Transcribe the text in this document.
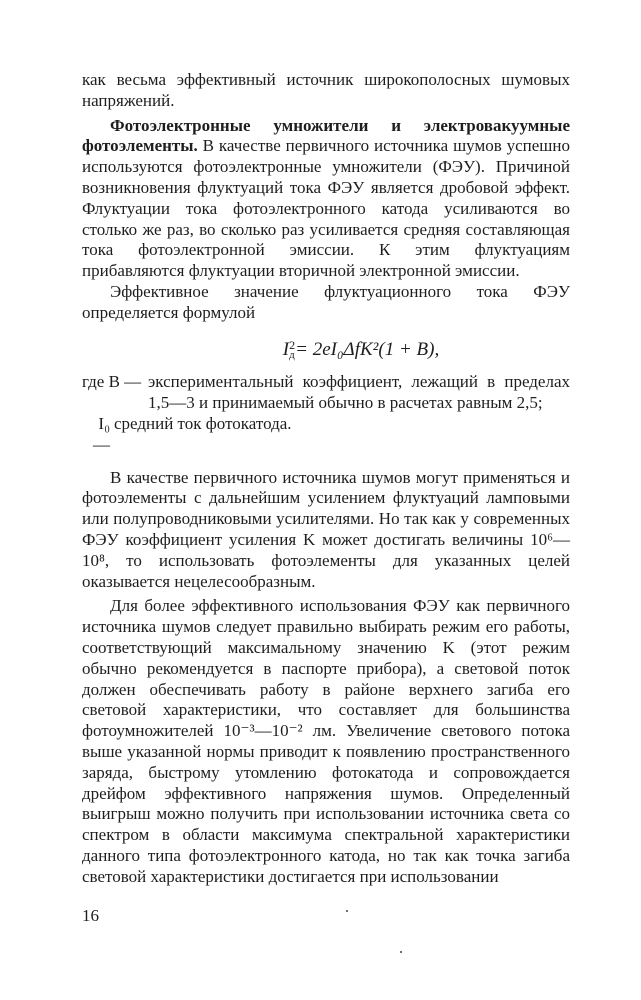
как весьма эффективный источник широкополосных шумовых напряжений.

Фотоэлектронные умножители и электровакуумные фотоэлементы. В качестве первичного источника шумов успешно используются фотоэлектронные умножители (ФЭУ). Причиной возникновения флуктуаций тока ФЭУ является дробовой эффект. Флуктуации тока фотоэлектронного катода усиливаются во столько же раз, во сколько раз усиливается средняя составляющая тока фотоэлектронной эмиссии. К этим флуктуациям прибавляются флуктуации вторичной электронной эмиссии.

Эффективное значение флуктуационного тока ФЭУ определяется формулой

I 2
д = 2eI₀ΔfK²(1 + B),
где B — экспериментальный коэффициент, лежащий в пределах 1,5—3 и принимаемый обычно в расчетах равным 2,5;
I₀ —
средний ток фотокатода.

В качестве первичного источника шумов могут применяться и фотоэлементы с дальнейшим усилением флуктуаций ламповыми или полупроводниковыми усилителями. Но так как у современных ФЭУ коэффициент усиления K может достигать величины 10⁶—10⁸, то использовать фотоэлементы для указанных целей оказывается нецелесообразным.

Для более эффективного использования ФЭУ как первичного источника шумов следует правильно выбирать режим его работы, соответствующий максимальному значению K (этот режим обычно рекомендуется в паспорте прибора), а световой поток должен обеспечивать работу в районе верхнего загиба его световой характеристики, что составляет для большинства фотоумножителей 10⁻³—10⁻² лм. Увеличение светового потока выше указанной нормы приводит к появлению пространственного заряда, быстрому утомлению фотокатода и сопровождается дрейфом эффективного напряжения шумов. Определенный выигрыш можно получить при использовании источника света со спектром в области максимума спектральной характеристики данного типа фотоэлектронного катода, но так как точка загиба световой характеристики достигается при использовании

16
